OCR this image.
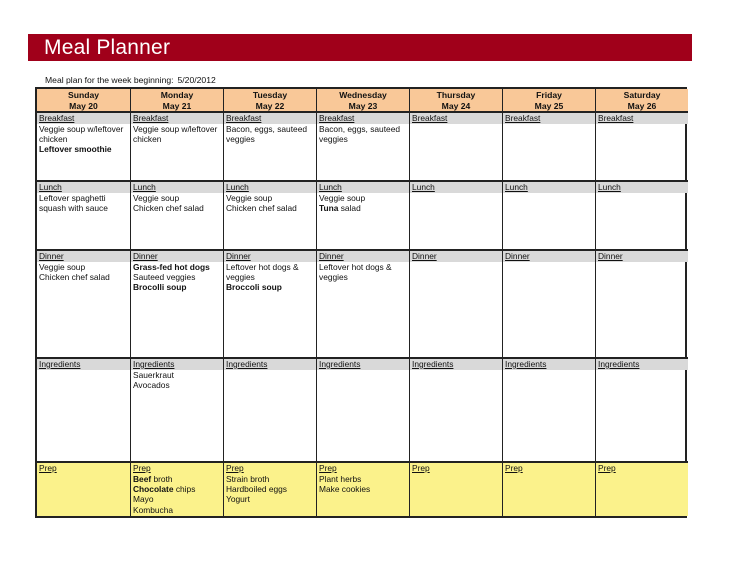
Meal Planner
Meal plan for the week beginning: 5/20/2012
Sunday
May 20
Breakfast
Veggie soup w/leftover
chicken
Leftover smoothie
Lunch
Leftover spaghetti
squash with sauce
Dinner
Veggie soup
Chicken chef salad
Ingredients
Prep
Monday
May 21
Breakfast
Veggie soup w/leftover
chicken
Lunch
Veggie soup
Chicken chef salad
Dinner
Grass-fed hot dogs
Sauteed veggies
Brocolli soup
Ingredients
Sauerkraut
Avocados
Prep
Beef broth
Chocolate chips
Mayo
Kombucha
Tuesday
May 22
Breakfast
Bacon, eggs, sauteed
veggies
Lunch
Veggie soup
Chicken chef salad
Dinner
Leftover hot dogs &
veggies
Broccoli soup
Ingredients
Prep
Strain broth
Hardboiled eggs
Yogurt
Wednesday
May 23
Breakfast
Bacon, eggs, sauteed
veggies
Lunch
Veggie soup
Tuna salad
Dinner
Leftover hot dogs &
veggies
Ingredients
Prep
Plant herbs
Make cookies
Thursday
May 24
Breakfast
Lunch
Dinner
Ingredients
Prep
Friday
May 25
Breakfast
Lunch
Dinner
Ingredients
Prep
Saturday
May 26
Breakfast
Lunch
Dinner
Ingredients
Prep
